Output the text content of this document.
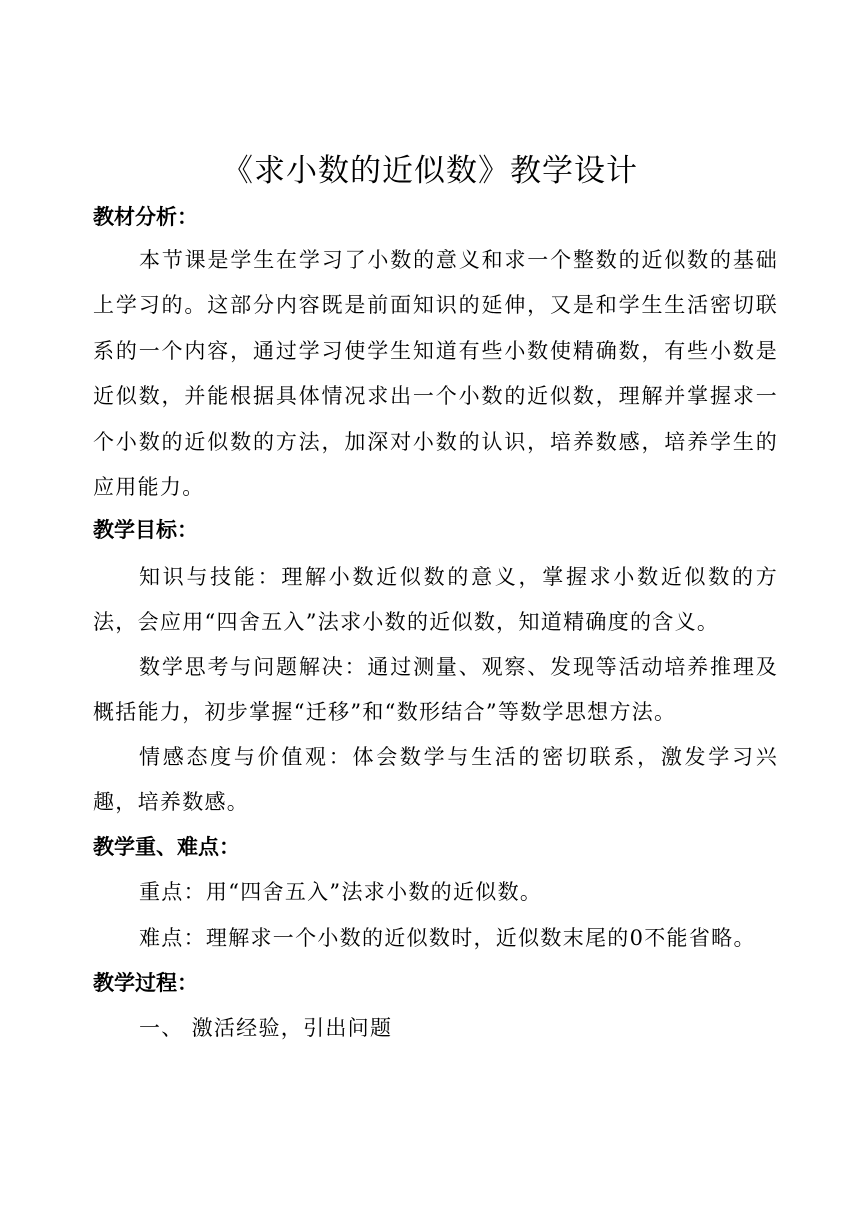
《求小数的近似数》教学设计
教材分析：
本节课是学生在学习了小数的意义和求一个整数的近似数的基础上学习的。这部分内容既是前面知识的延伸，又是和学生生活密切联系的一个内容，通过学习使学生知道有些小数使精确数，有些小数是近似数，并能根据具体情况求出一个小数的近似数，理解并掌握求一个小数的近似数的方法，加深对小数的认识，培养数感，培养学生的应用能力。
教学目标：
知识与技能：理解小数近似数的意义，掌握求小数近似数的方法，会应用“四舍五入”法求小数的近似数，知道精确度的含义。
数学思考与问题解决：通过测量、观察、发现等活动培养推理及概括能力，初步掌握“迁移”和“数形结合”等数学思想方法。
情感态度与价值观：体会数学与生活的密切联系，激发学习兴趣，培养数感。
教学重、难点：
重点：用“四舍五入”法求小数的近似数。
难点：理解求一个小数的近似数时，近似数末尾的0不能省略。
教学过程：
一、 激活经验，引出问题
